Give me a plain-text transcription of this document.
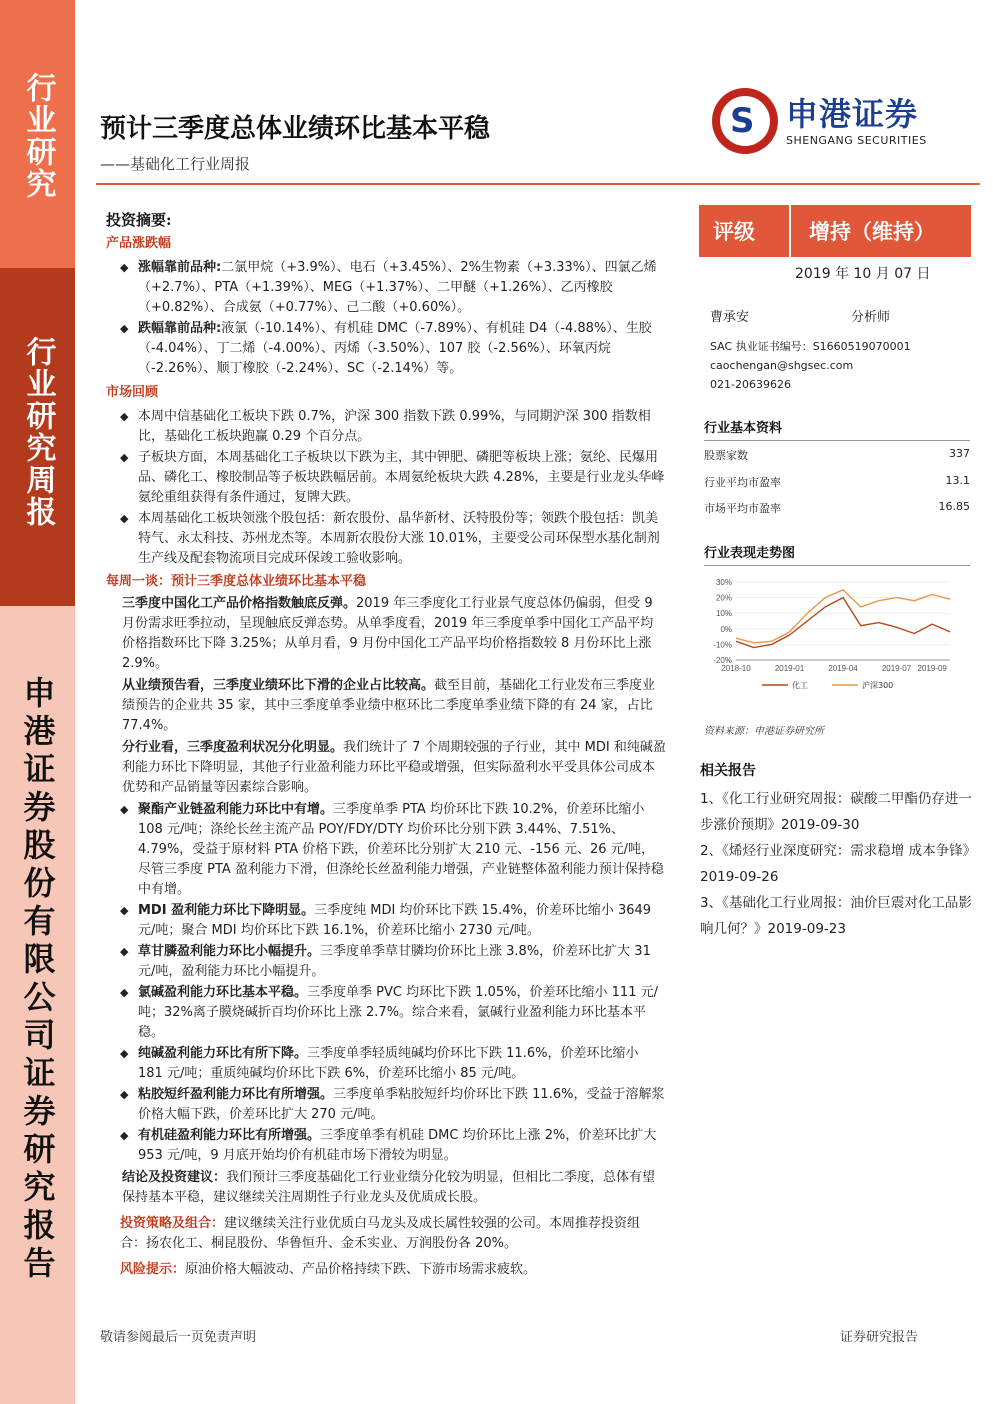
行业研究
行业研究周报
申港证券股份有限公司证券研究报告
预计三季度总体业绩环比基本平稳
——基础化工行业周报
S 申港证券
SHENGANG SECURITIES
投资摘要:
产品涨跌幅
◆ 涨幅靠前品种:二氯甲烷（+3.9%）、电石（+3.45%）、2%生物素（+3.33%）、四氯乙烯（+2.7%）、PTA（+1.39%）、MEG（+1.37%）、二甲醚（+1.26%）、乙丙橡胶（+0.82%）、合成氨（+0.77%）、己二酸（+0.60%）。
◆ 跌幅靠前品种:液氯（-10.14%）、有机硅 DMC（-7.89%）、有机硅 D4（-4.88%）、生胶（-4.04%）、丁二烯（-4.00%）、丙烯（-3.50%）、107 胶（-2.56%）、环氧丙烷（-2.26%）、顺丁橡胶（-2.24%）、SC（-2.14%）等。
市场回顾
◆ 本周中信基础化工板块下跌 0.7%，沪深 300 指数下跌 0.99%，与同期沪深 300 指数相比，基础化工板块跑赢 0.29 个百分点。
◆ 子板块方面，本周基础化工子板块以下跌为主，其中钾肥、磷肥等板块上涨；氨纶、民爆用品、磷化工、橡胶制品等子板块跌幅居前。本周氨纶板块大跌 4.28%，主要是行业龙头华峰氨纶重组获得有条件通过，复牌大跌。
◆ 本周基础化工板块领涨个股包括：新农股份、晶华新材、沃特股份等；领跌个股包括：凯美特气、永太科技、苏州龙杰等。本周新农股份大涨 10.01%，主要受公司环保型水基化制剂生产线及配套物流项目完成环保竣工验收影响。
每周一谈：预计三季度总体业绩环比基本平稳
三季度中国化工产品价格指数触底反弹。2019 年三季度化工行业景气度总体仍偏弱，但受 9 月份需求旺季拉动，呈现触底反弹态势。从单季度看，2019 年三季度单季中国化工产品平均价格指数环比下降 3.25%；从单月看，9 月份中国化工产品平均价格指数较 8 月份环比上涨 2.9%。
从业绩预告看，三季度业绩环比下滑的企业占比较高。截至目前，基础化工行业发布三季度业绩预告的企业共 35 家，其中三季度单季业绩中枢环比二季度单季业绩下降的有 24 家，占比 77.4%。
分行业看，三季度盈利状况分化明显。我们统计了 7 个周期较强的子行业，其中 MDI 和纯碱盈利能力环比下降明显，其他子行业盈利能力环比平稳或增强，但实际盈利水平受具体公司成本优势和产品销量等因素综合影响。
◆ 聚酯产业链盈利能力环比中有增。三季度单季 PTA 均价环比下跌 10.2%，价差环比缩小 108 元/吨；涤纶长丝主流产品 POY/FDY/DTY 均价环比分别下跌 3.44%、7.51%、4.79%，受益于原材料 PTA 价格下跌，价差环比分别扩大 210 元、-156 元、26 元/吨，尽管三季度 PTA 盈利能力下滑，但涤纶长丝盈利能力增强，产业链整体盈利能力预计保持稳中有增。
◆ MDI 盈利能力环比下降明显。三季度纯 MDI 均价环比下跌 15.4%，价差环比缩小 3649 元/吨；聚合 MDI 均价环比下跌 16.1%，价差环比缩小 2730 元/吨。
◆ 草甘膦盈利能力环比小幅提升。三季度单季草甘膦均价环比上涨 3.8%，价差环比扩大 31 元/吨，盈利能力环比小幅提升。
◆ 氯碱盈利能力环比基本平稳。三季度单季 PVC 均环比下跌 1.05%，价差环比缩小 111 元/吨；32%离子膜烧碱折百均价环比上涨 2.7%。综合来看，氯碱行业盈利能力环比基本平稳。
◆ 纯碱盈利能力环比有所下降。三季度单季轻质纯碱均价环比下跌 11.6%，价差环比缩小 181 元/吨；重质纯碱均价环比下跌 6%，价差环比缩小 85 元/吨。
◆ 粘胶短纤盈利能力环比有所增强。三季度单季粘胶短纤均价环比下跌 11.6%，受益于溶解浆价格大幅下跌，价差环比扩大 270 元/吨。
◆ 有机硅盈利能力环比有所增强。三季度单季有机硅 DMC 均价环比上涨 2%，价差环比扩大 953 元/吨，9 月底开始均价有机硅市场下滑较为明显。
结论及投资建议：我们预计三季度基础化工行业业绩分化较为明显，但相比二季度，总体有望保持基本平稳，建议继续关注周期性子行业龙头及优质成长股。
投资策略及组合：建议继续关注行业优质白马龙头及成长属性较强的公司。本周推荐投资组合：扬农化工、桐昆股份、华鲁恒升、金禾实业、万润股份各 20%。
风险提示：原油价格大幅波动、产品价格持续下跌、下游市场需求疲软。
评级	增持（维持）
2019 年 10 月 07 日
曹承安	分析师
SAC 执业证书编号：S1660519070001
caochengan@shgsec.com
021-20639626
行业基本资料
股票家数	337
行业平均市盈率	13.1
市场平均市盈率	16.85
行业表现走势图
30%
20%
10%
0%
-10%
-20%
2018-10	2019-01	2019-04	2019-07 2019-09
化工	沪深300
资料来源：申港证券研究所
相关报告
1、《化工行业研究周报：碳酸二甲酯仍存进一步涨价预期》2019-09-30
2、《烯烃行业深度研究：需求稳增 成本争锋》2019-09-26
3、《基础化工行业周报：油价巨震对化工品影响几何？》2019-09-23
敬请参阅最后一页免责声明	证券研究报告
